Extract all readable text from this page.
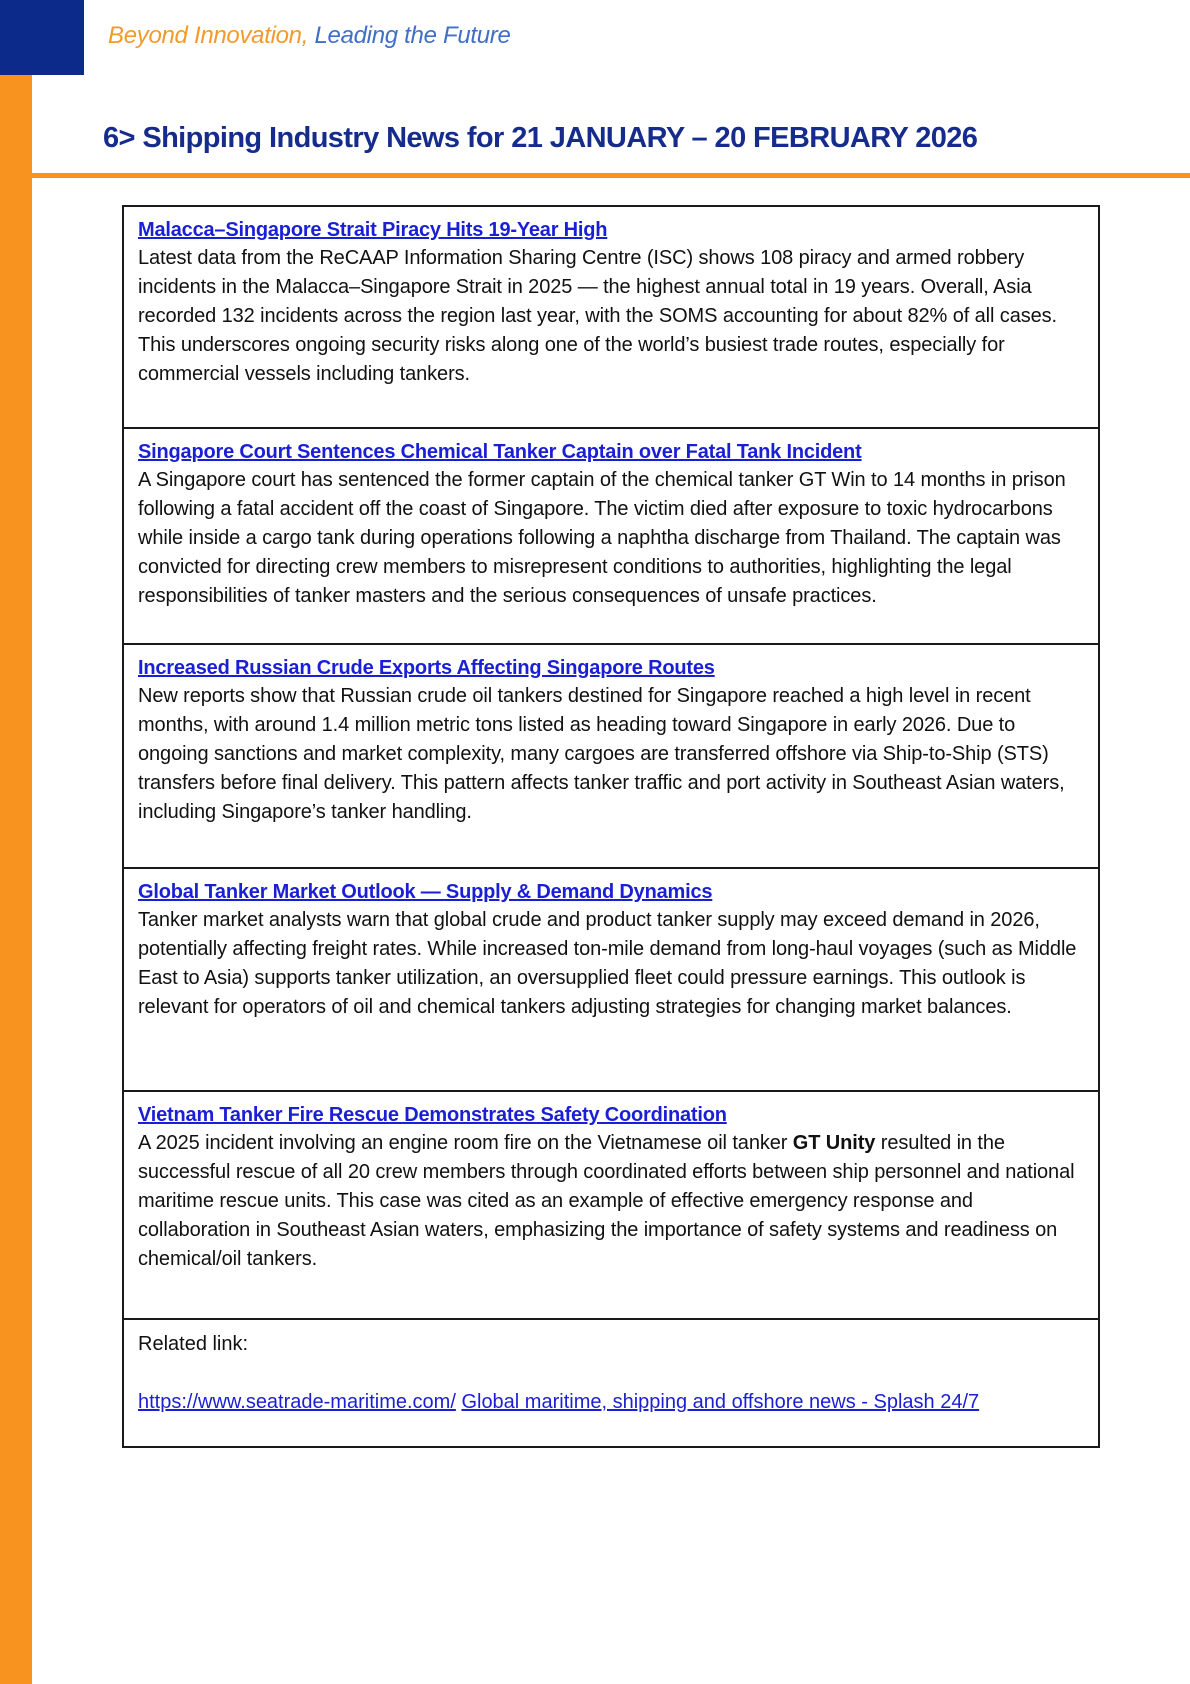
Beyond Innovation, Leading the Future
6> Shipping Industry News for 21 JANUARY – 20 FEBRUARY 2026
Malacca–Singapore Strait Piracy Hits 19-Year High

Latest data from the ReCAAP Information Sharing Centre (ISC) shows 108 piracy and armed robbery incidents in the Malacca–Singapore Strait in 2025 — the highest annual total in 19 years. Overall, Asia recorded 132 incidents across the region last year, with the SOMS accounting for about 82% of all cases. This underscores ongoing security risks along one of the world’s busiest trade routes, especially for commercial vessels including tankers.

Singapore Court Sentences Chemical Tanker Captain over Fatal Tank Incident

A Singapore court has sentenced the former captain of the chemical tanker GT Win to 14 months in prison following a fatal accident off the coast of Singapore. The victim died after exposure to toxic hydrocarbons while inside a cargo tank during operations following a naphtha discharge from Thailand. The captain was convicted for directing crew members to misrepresent conditions to authorities, highlighting the legal responsibilities of tanker masters and the serious consequences of unsafe practices.

Increased Russian Crude Exports Affecting Singapore Routes

New reports show that Russian crude oil tankers destined for Singapore reached a high level in recent months, with around 1.4 million metric tons listed as heading toward Singapore in early 2026. Due to ongoing sanctions and market complexity, many cargoes are transferred offshore via Ship-to-Ship (STS) transfers before final delivery. This pattern affects tanker traffic and port activity in Southeast Asian waters, including Singapore’s tanker handling.

Global Tanker Market Outlook — Supply & Demand Dynamics

Tanker market analysts warn that global crude and product tanker supply may exceed demand in 2026, potentially affecting freight rates. While increased ton-mile demand from long-haul voyages (such as Middle East to Asia) supports tanker utilization, an oversupplied fleet could pressure earnings. This outlook is relevant for operators of oil and chemical tankers adjusting strategies for changing market balances.

Vietnam Tanker Fire Rescue Demonstrates Safety Coordination

A 2025 incident involving an engine room fire on the Vietnamese oil tanker GT Unity resulted in the successful rescue of all 20 crew members through coordinated efforts between ship personnel and national maritime rescue units. This case was cited as an example of effective emergency response and collaboration in Southeast Asian waters, emphasizing the importance of safety systems and readiness on chemical/oil tankers.

Related link:
https://www.seatrade-maritime.com/ Global maritime, shipping and offshore news - Splash 24/7
